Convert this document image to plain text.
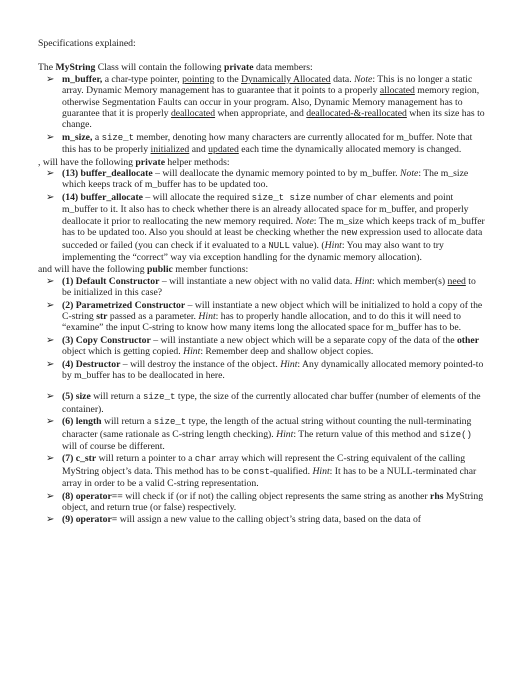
Specifications explained:

The MyString Class will contain the following private data members:

➢ m_buffer, a char-type pointer, pointing to the Dynamically Allocated data. Note: This is no longer a static array. Dynamic Memory management has to guarantee that it points to a properly allocated memory region, otherwise Segmentation Faults can occur in your program. Also, Dynamic Memory management has to guarantee that it is properly deallocated when appropriate, and deallocated-&-reallocated when its size has to change.
➢ m_size, a size_t member, denoting how many characters are currently allocated for m_buffer. Note that this has to be properly initialized and updated each time the dynamically allocated memory is changed.

, will have the following private helper methods:

➢ (13) buffer_deallocate – will deallocate the dynamic memory pointed to by m_buffer. Note: The m_size which keeps track of m_buffer has to be updated too.
➢ (14) buffer_allocate – will allocate the required size_t size number of char elements and point m_buffer to it. It also has to check whether there is an already allocated space for m_buffer, and properly deallocate it prior to reallocating the new memory required. Note: The m_size which keeps track of m_buffer has to be updated too. Also you should at least be checking whether the new expression used to allocate data succeded or failed (you can check if it evaluated to a NULL value). (Hint: You may also want to try implementing the “correct” way via exception handling for the dynamic memory allocation).

and will have the following public member functions:

➢ (1) Default Constructor – will instantiate a new object with no valid data. Hint: which member(s) need to be initialized in this case?
➢ (2) Parametrized Constructor – will instantiate a new object which will be initialized to hold a copy of the C-string str passed as a parameter. Hint: has to properly handle allocation, and to do this it will need to “examine” the input C-string to know how many items long the allocated space for m_buffer has to be.
➢ (3) Copy Constructor – will instantiate a new object which will be a separate copy of the data of the other object which is getting copied. Hint: Remember deep and shallow object copies.
➢ (4) Destructor – will destroy the instance of the object. Hint: Any dynamically allocated memory pointed-to by m_buffer has to be deallocated in here.
➢ (5) size will return a size_t type, the size of the currently allocated char buffer (number of elements of the container).
➢ (6) length will return a size_t type, the length of the actual string without counting the null-terminating character (same rationale as C-string length checking). Hint: The return value of this method and size() will of course be different.
➢ (7) c_str will return a pointer to a char array which will represent the C-string equivalent of the calling MyString object’s data. This method has to be const-qualified. Hint: It has to be a NULL-terminated char array in order to be a valid C-string representation.
➢ (8) operator== will check if (or if not) the calling object represents the same string as another rhs MyString object, and return true (or false) respectively.
➢ (9) operator= will assign a new value to the calling object’s string data, based on the data of
